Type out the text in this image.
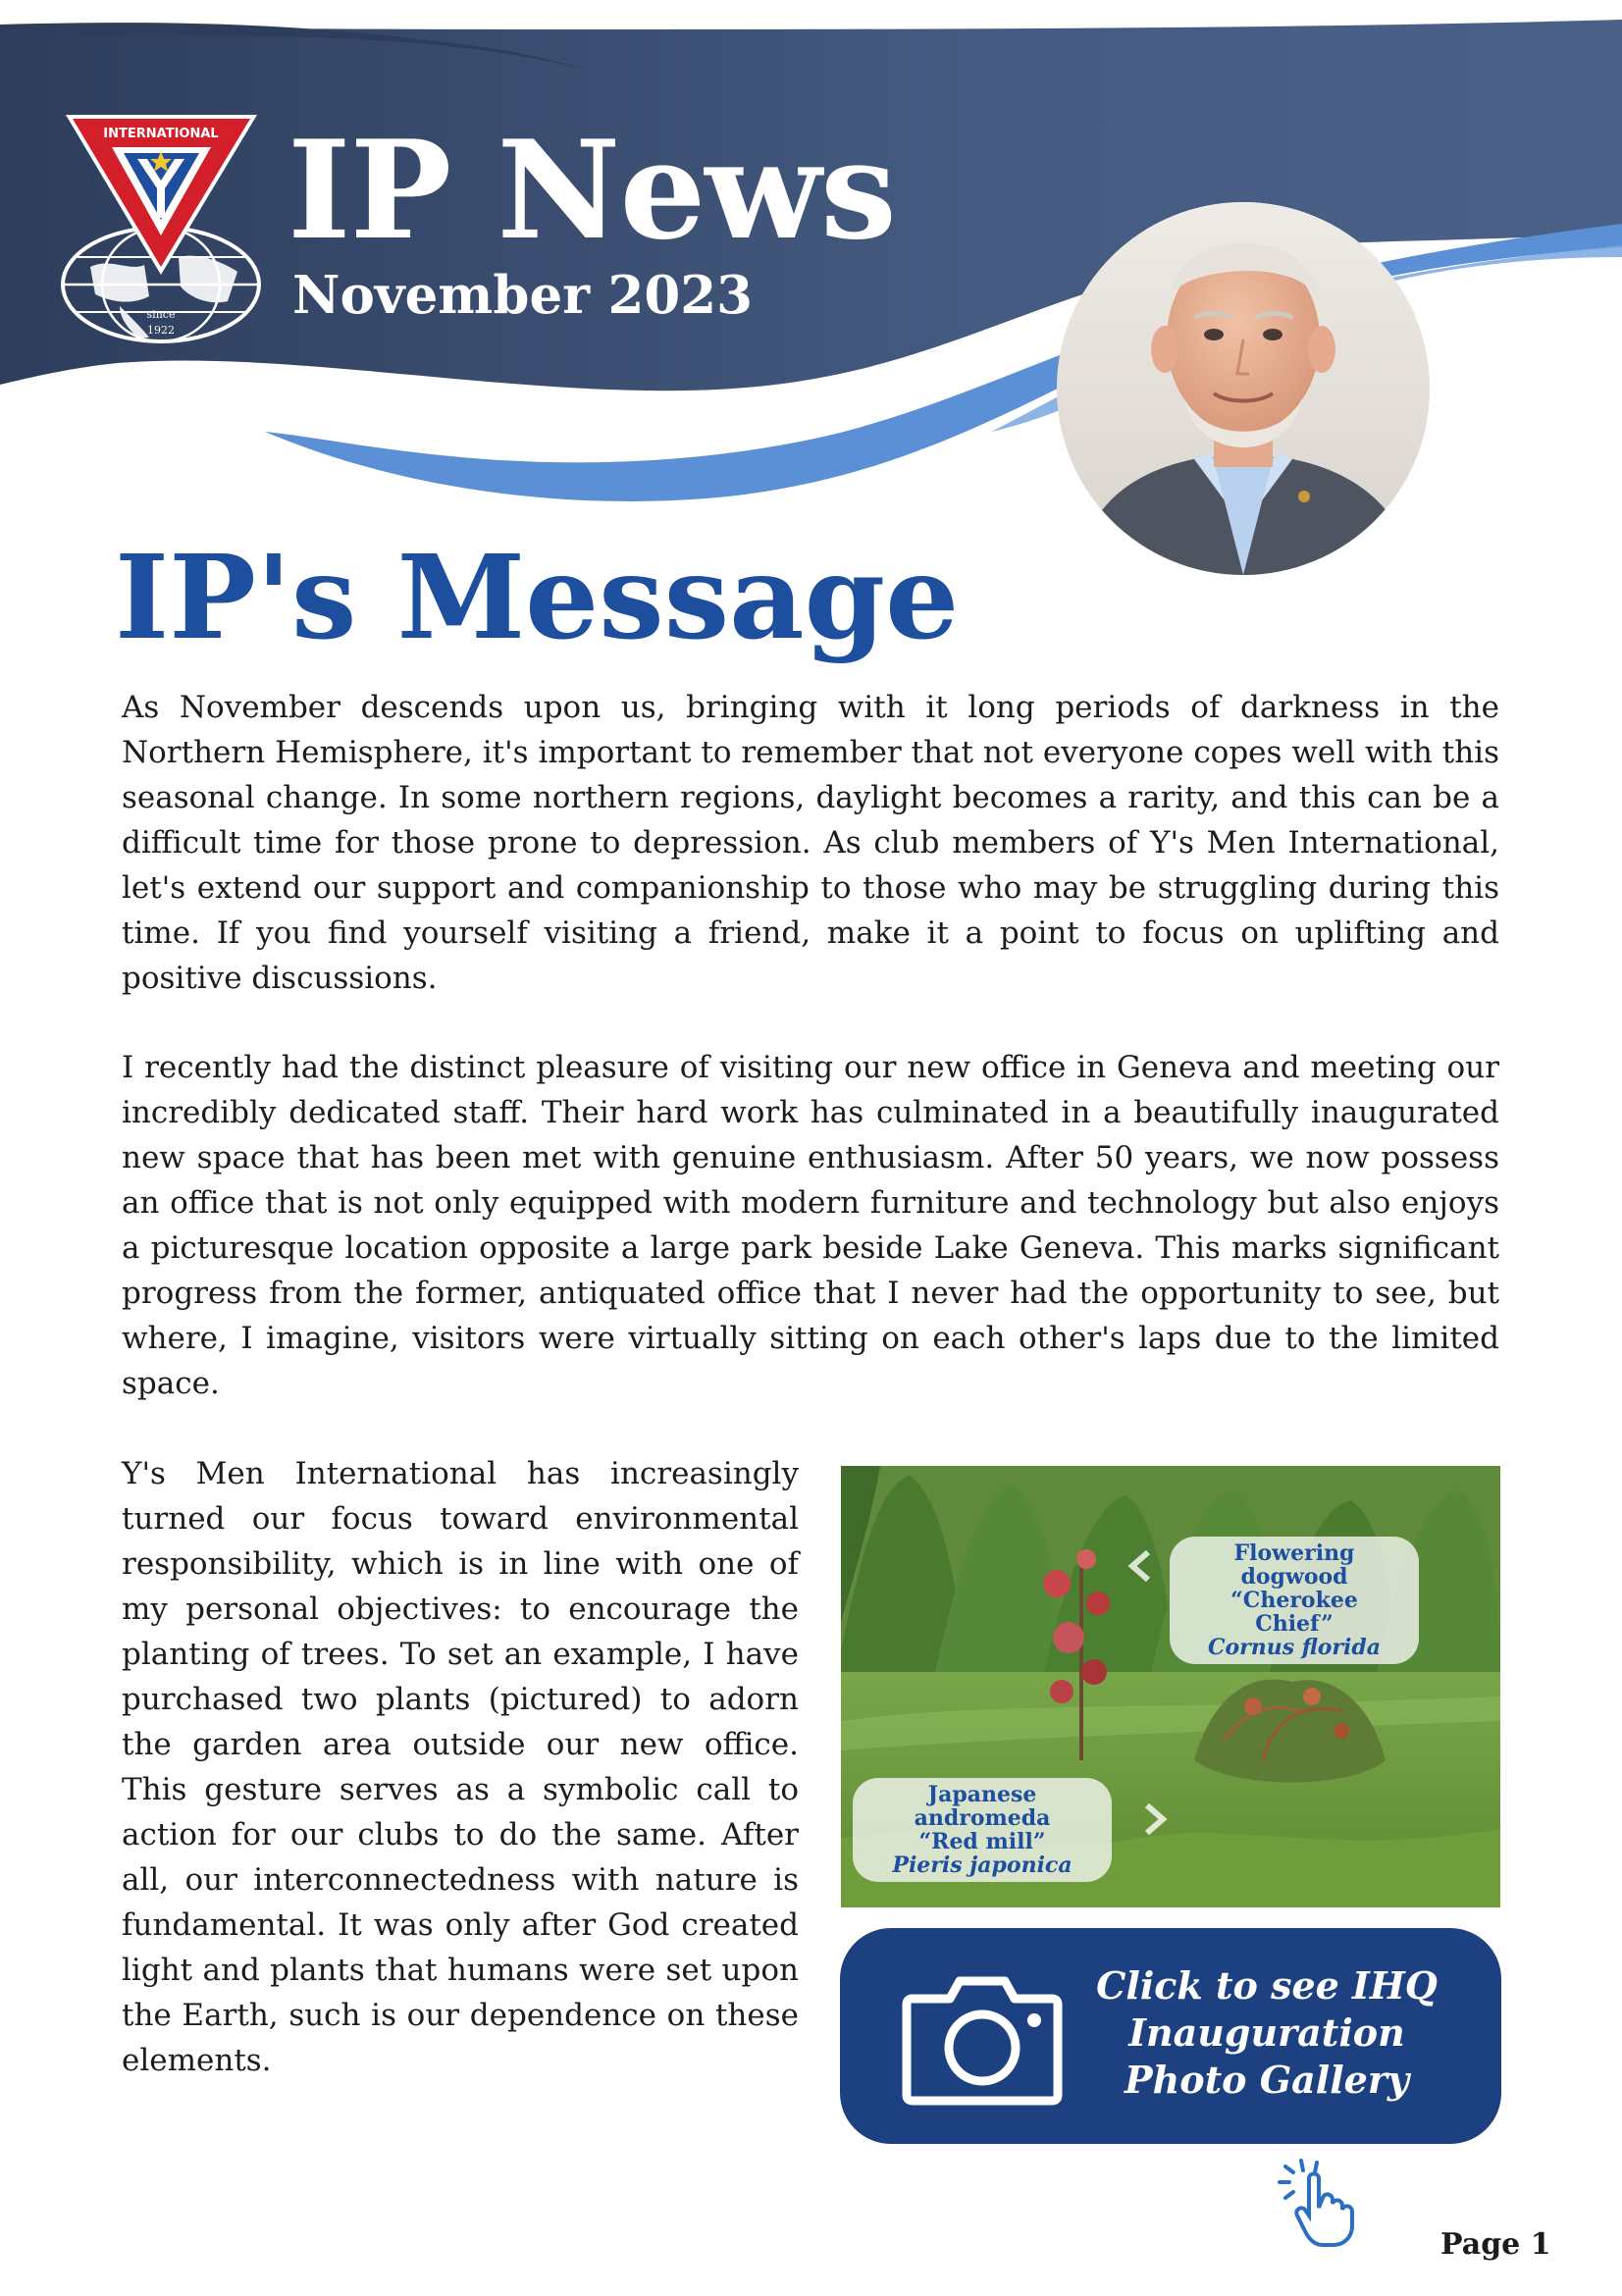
INTERNATIONAL
since
1922
IP News
November 2023
IP's Message

As November descends upon us, bringing with it long periods of darkness in the Northern Hemisphere, it's important to remember that not everyone copes well with this seasonal change. In some northern regions, daylight becomes a rarity, and this can be a difficult time for those prone to depression. As club members of Y's Men International, let's extend our support and companionship to those who may be struggling during this time. If you find yourself visiting a friend, make it a point to focus on uplifting and positive discussions.

I recently had the distinct pleasure of visiting our new office in Geneva and meeting our incredibly dedicated staff. Their hard work has culminated in a beautifully inaugurated new space that has been met with genuine enthusiasm. After 50 years, we now possess an office that is not only equipped with modern furniture and technology but also enjoys a picturesque location opposite a large park beside Lake Geneva. This marks significant progress from the former, antiquated office that I never had the opportunity to see, but where, I imagine, visitors were virtually sitting on each other's laps due to the limited space.

Y's Men International has increasingly turned our focus toward environmental responsibility, which is in line with one of my personal objectives: to encourage the planting of trees. To set an example, I have purchased two plants (pictured) to adorn the garden area outside our new office. This gesture serves as a symbolic call to action for our clubs to do the same. After all, our interconnectedness with nature is fundamental. It was only after God created light and plants that humans were set upon the Earth, such is our dependence on these elements.

Flowering dogwood
“Cherokee Chief”
Cornus florida
Japanese andromeda
“Red mill”
Pieris japonica
Click to see IHQ
Inauguration
Photo Gallery
Page 1
